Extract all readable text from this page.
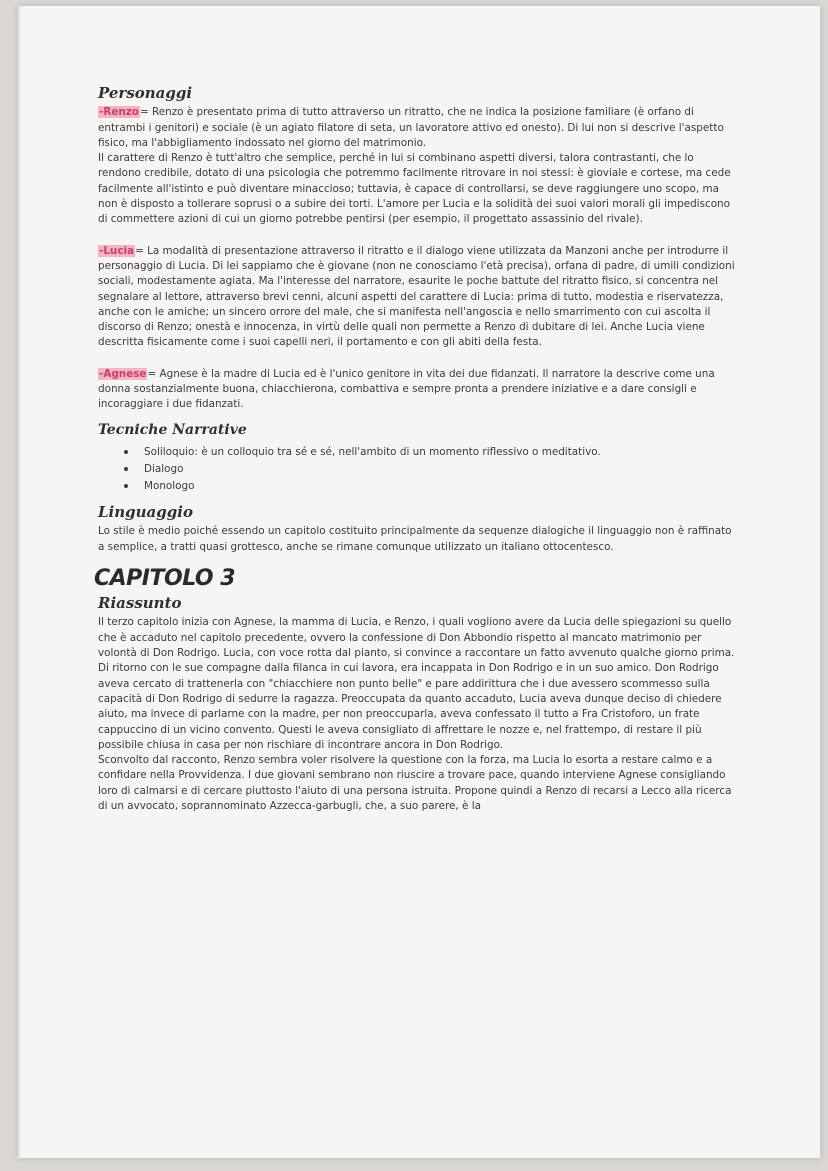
Personaggi

-Renzo= Renzo è presentato prima di tutto attraverso un ritratto, che ne indica la posizione familiare (è orfano di entrambi i genitori) e sociale (è un agiato filatore di seta, un lavoratore attivo ed onesto). Di lui non si descrive l'aspetto fisico, ma l'abbigliamento indossato nel giorno del matrimonio.

Il carattere di Renzo è tutt'altro che semplice, perché in lui si combinano aspetti diversi, talora contrastanti, che lo rendono credibile, dotato di una psicologia che potremmo facilmente ritrovare in noi stessi: è gioviale e cortese, ma cede facilmente all'istinto e può diventare minaccioso; tuttavia, è capace di controllarsi, se deve raggiungere uno scopo, ma non è disposto a tollerare soprusi o a subire dei torti. L'amore per Lucia e la solidità dei suoi valori morali gli impediscono di commettere azioni di cui un giorno potrebbe pentirsi (per esempio, il progettato assassinio del rivale).

-Lucia= La modalità di presentazione attraverso il ritratto e il dialogo viene utilizzata da Manzoni anche per introdurre il personaggio di Lucia. Di lei sappiamo che è giovane (non ne conosciamo l'età precisa), orfana di padre, di umili condizioni sociali, modestamente agiata. Ma l'interesse del narratore, esaurite le poche battute del ritratto fisico, si concentra nel segnalare al lettore, attraverso brevi cenni, alcuni aspetti del carattere di Lucia: prima di tutto, modestia e riservatezza, anche con le amiche; un sincero orrore del male, che si manifesta nell'angoscia e nello smarrimento con cui ascolta il discorso di Renzo; onestà e innocenza, in virtù delle quali non permette a Renzo di dubitare di lei. Anche Lucia viene descritta fisicamente come i suoi capelli neri, il portamento e con gli abiti della festa.

-Agnese= Agnese è la madre di Lucia ed è l'unico genitore in vita dei due fidanzati. Il narratore la descrive come una donna sostanzialmente buona, chiacchierona, combattiva e sempre pronta a prendere iniziative e a dare consigli e incoraggiare i due fidanzati.

Tecniche Narrative
Soliloquio: è un colloquio tra sé e sé, nell'ambito di un momento riflessivo o meditativo.
Dialogo
Monologo
Linguaggio

Lo stile è medio poiché essendo un capitolo costituito principalmente da sequenze dialogiche il linguaggio non è raffinato a semplice, a tratti quasi grottesco, anche se rimane comunque utilizzato un italiano ottocentesco.

CAPITOLO 3
Riassunto

Il terzo capitolo inizia con Agnese, la mamma di Lucia, e Renzo, i quali vogliono avere da Lucia delle spiegazioni su quello che è accaduto nel capitolo precedente, ovvero la confessione di Don Abbondio rispetto al mancato matrimonio per volontà di Don Rodrigo. Lucia, con voce rotta dal pianto, si convince a raccontare un fatto avvenuto qualche giorno prima. Di ritorno con le sue compagne dalla filanca in cui lavora, era incappata in Don Rodrigo e in un suo amico. Don Rodrigo aveva cercato di trattenerla con "chiacchiere non punto belle" e pare addirittura che i due avessero scommesso sulla capacità di Don Rodrigo di sedurre la ragazza. Preoccupata da quanto accaduto, Lucia aveva dunque deciso di chiedere aiuto, ma invece di parlarne con la madre, per non preoccuparla, aveva confessato il tutto a Fra Cristoforo, un frate cappuccino di un vicino convento. Questi le aveva consigliato di affrettare le nozze e, nel frattempo, di restare il più possibile chiusa in casa per non rischiare di incontrare ancora in Don Rodrigo.

Sconvolto dal racconto, Renzo sembra voler risolvere la questione con la forza, ma Lucia lo esorta a restare calmo e a confidare nella Provvidenza. I due giovani sembrano non riuscire a trovare pace, quando interviene Agnese consigliando loro di calmarsi e di cercare piuttosto l'aiuto di una persona istruita. Propone quindi a Renzo di recarsi a Lecco alla ricerca di un avvocato, soprannominato Azzecca-garbugli, che, a suo parere, è la
